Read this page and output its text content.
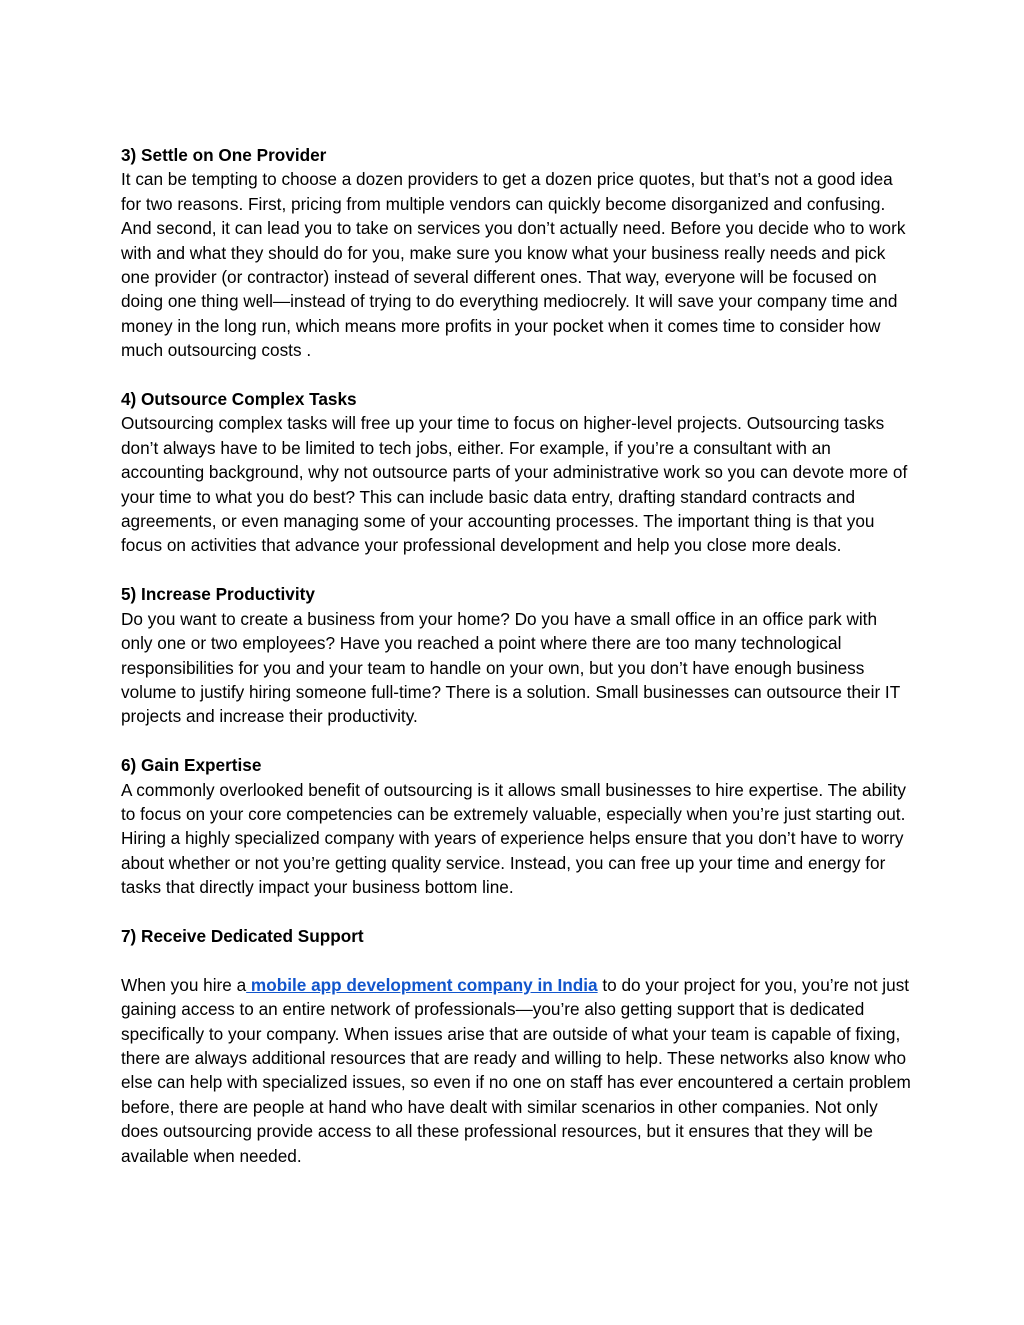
3) Settle on One Provider

It can be tempting to choose a dozen providers to get a dozen price quotes, but that’s not a good idea for two reasons. First, pricing from multiple vendors can quickly become disorganized and confusing. And second, it can lead you to take on services you don’t actually need. Before you decide who to work with and what they should do for you, make sure you know what your business really needs and pick one provider (or contractor) instead of several different ones. That way, everyone will be focused on doing one thing well—instead of trying to do everything mediocrely. It will save your company time and money in the long run, which means more profits in your pocket when it comes time to consider how much outsourcing costs .

4) Outsource Complex Tasks

Outsourcing complex tasks will free up your time to focus on higher-level projects. Outsourcing tasks don’t always have to be limited to tech jobs, either. For example, if you’re a consultant with an accounting background, why not outsource parts of your administrative work so you can devote more of your time to what you do best? This can include basic data entry, drafting standard contracts and agreements, or even managing some of your accounting processes. The important thing is that you focus on activities that advance your professional development and help you close more deals.

5) Increase Productivity

Do you want to create a business from your home? Do you have a small office in an office park with only one or two employees? Have you reached a point where there are too many technological responsibilities for you and your team to handle on your own, but you don’t have enough business volume to justify hiring someone full-time? There is a solution. Small businesses can outsource their IT projects and increase their productivity.

6) Gain Expertise

A commonly overlooked benefit of outsourcing is it allows small businesses to hire expertise. The ability to focus on your core competencies can be extremely valuable, especially when you’re just starting out. Hiring a highly specialized company with years of experience helps ensure that you don’t have to worry about whether or not you’re getting quality service. Instead, you can free up your time and energy for tasks that directly impact your business bottom line.

7) Receive Dedicated Support

When you hire a mobile app development company in India to do your project for you, you’re not just gaining access to an entire network of professionals—you’re also getting support that is dedicated specifically to your company. When issues arise that are outside of what your team is capable of fixing, there are always additional resources that are ready and willing to help. These networks also know who else can help with specialized issues, so even if no one on staff has ever encountered a certain problem before, there are people at hand who have dealt with similar scenarios in other companies. Not only does outsourcing provide access to all these professional resources, but it ensures that they will be available when needed.
